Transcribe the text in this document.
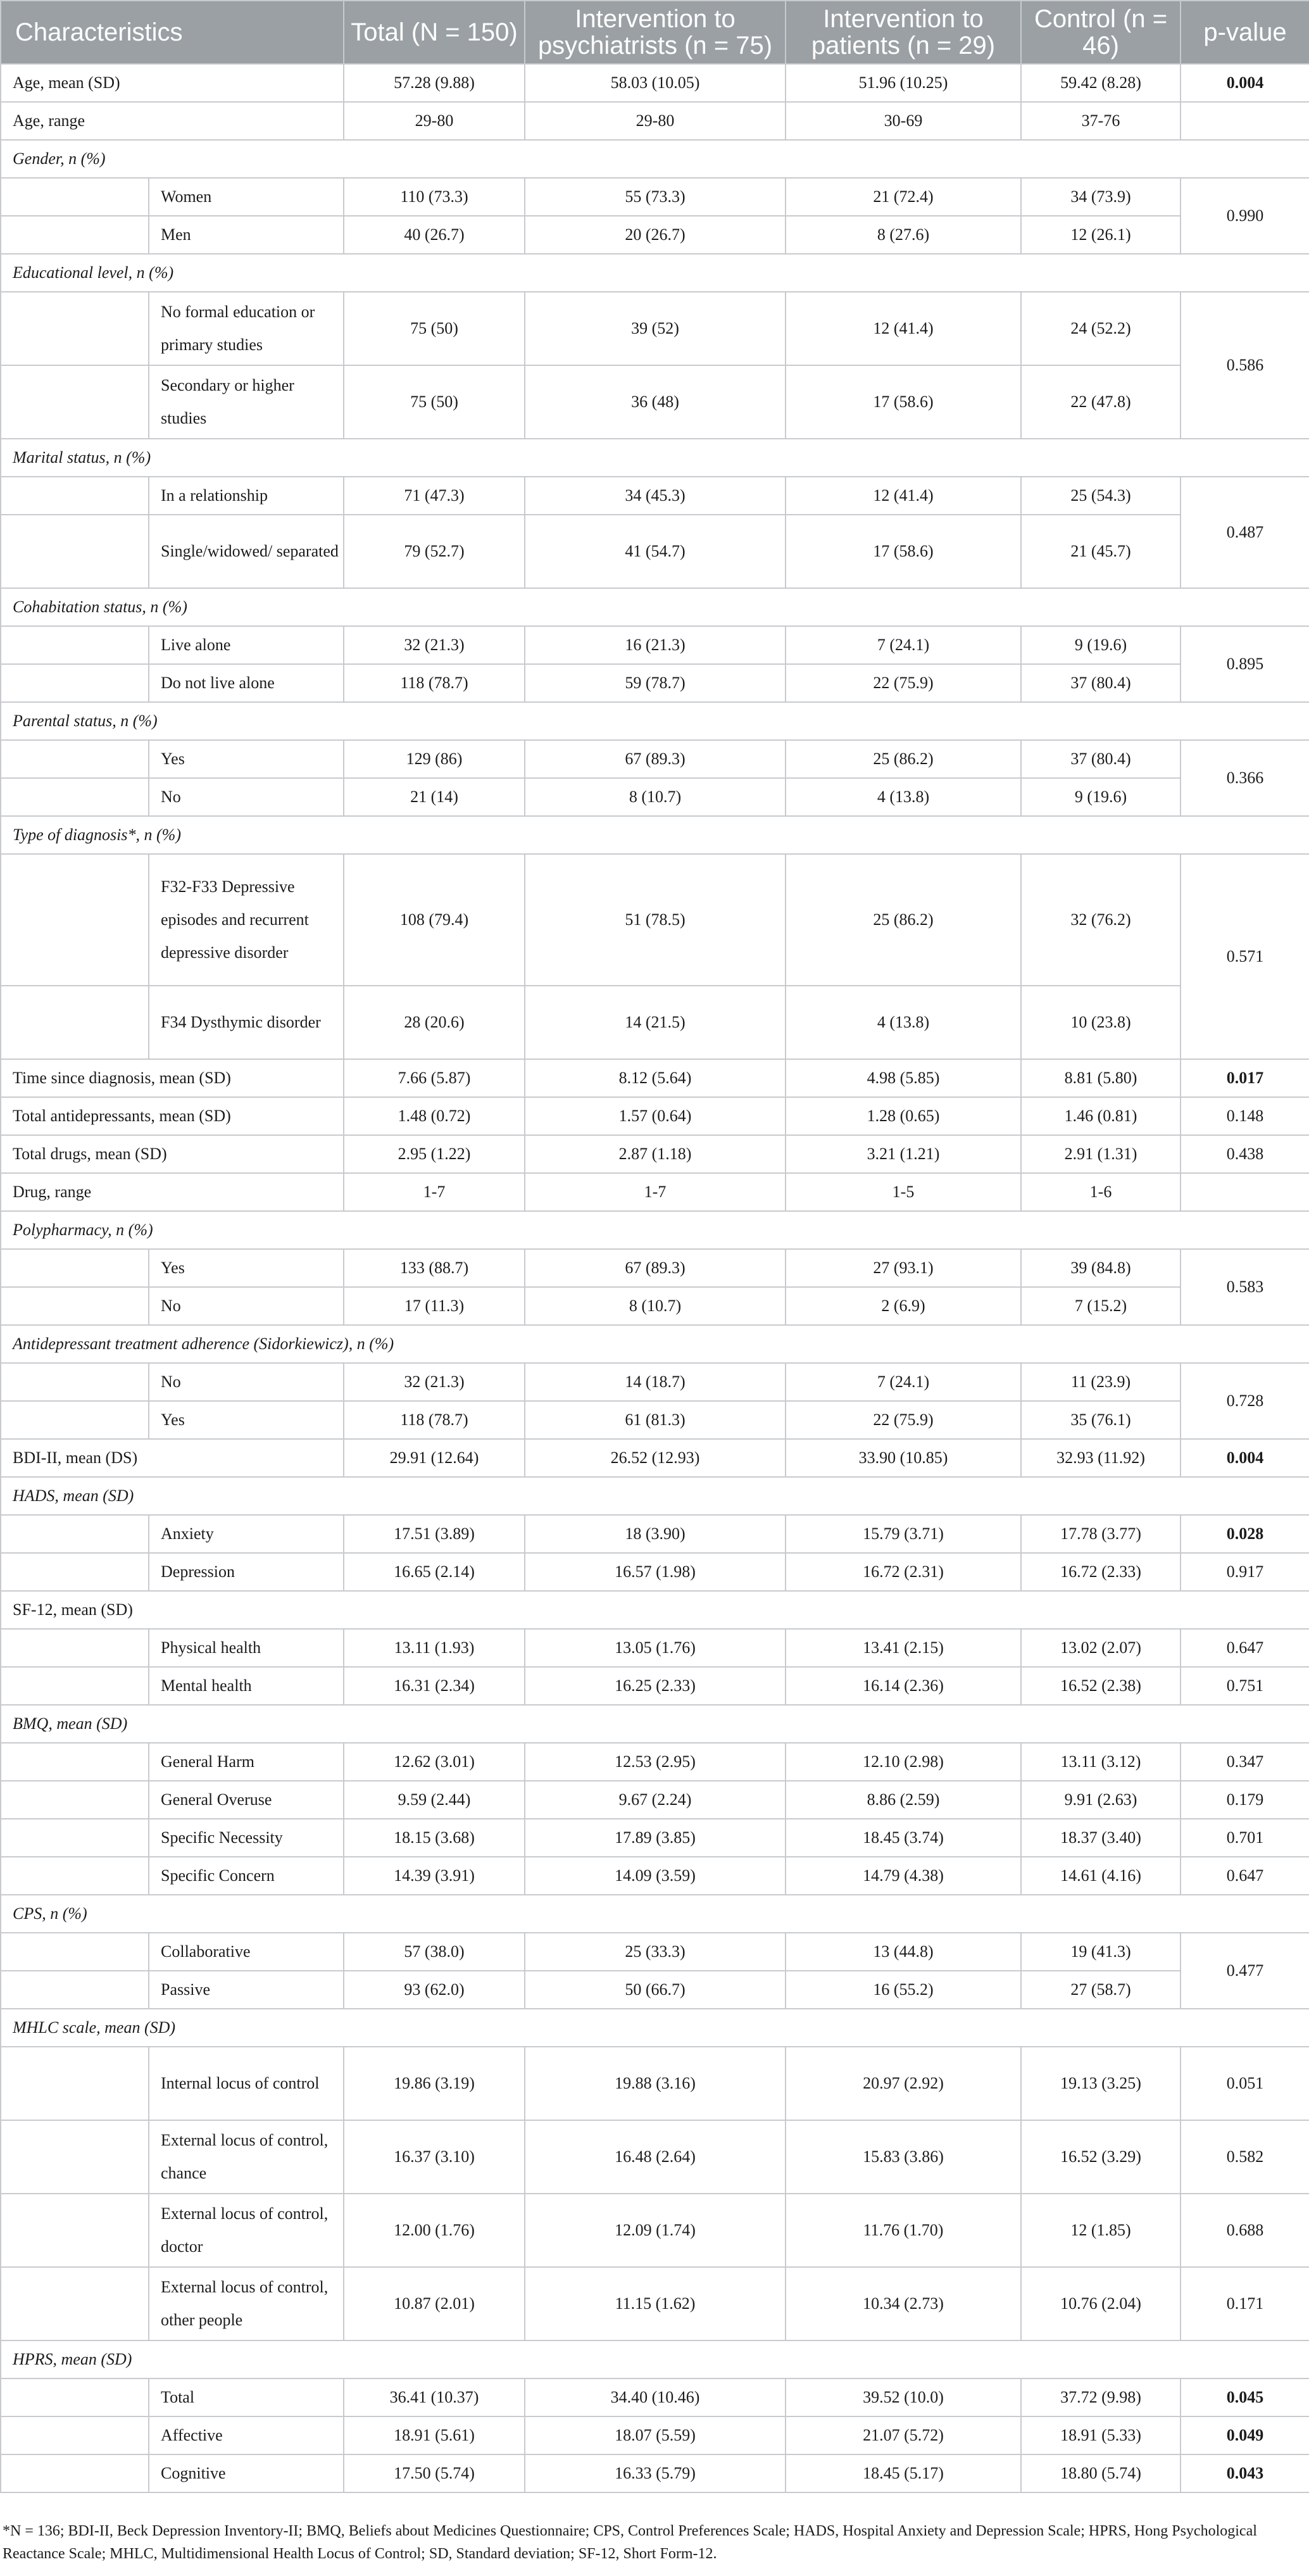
Characteristics		Total (N = 150)	Intervention to psychiatrists (n = 75)	Intervention to patients (n = 29)	Control (n = 46)	p-value
Age, mean (SD)		57.28 (9.88)	58.03 (10.05)	51.96 (10.25)	59.42 (8.28)	0.004
Age, range		29-80	29-80	30-69	37-76	
Gender, n (%)						
	Women	110 (73.3)	55 (73.3)	21 (72.4)	34 (73.9)	0.990
	Men	40 (26.7)	20 (26.7)	8 (27.6)	12 (26.1)	
Educational level, n (%)						
	No formal education or primary studies	75 (50)	39 (52)	12 (41.4)	24 (52.2)	0.586
	Secondary or higher studies	75 (50)	36 (48)	17 (58.6)	22 (47.8)	
Marital status, n (%)						
	In a relationship	71 (47.3)	34 (45.3)	12 (41.4)	25 (54.3)	0.487
	Single/widowed/ separated	79 (52.7)	41 (54.7)	17 (58.6)	21 (45.7)	
Cohabitation status, n (%)						
	Live alone	32 (21.3)	16 (21.3)	7 (24.1)	9 (19.6)	0.895
	Do not live alone	118 (78.7)	59 (78.7)	22 (75.9)	37 (80.4)	
Parental status, n (%)						
	Yes	129 (86)	67 (89.3)	25 (86.2)	37 (80.4)	0.366
	No	21 (14)	8 (10.7)	4 (13.8)	9 (19.6)	
Type of diagnosis*, n (%)						
	F32-F33 Depressive episodes and recurrent depressive disorder	108 (79.4)	51 (78.5)	25 (86.2)	32 (76.2)	0.571
	F34 Dysthymic disorder	28 (20.6)	14 (21.5)	4 (13.8)	10 (23.8)	
Time since diagnosis, mean (SD)		7.66 (5.87)	8.12 (5.64)	4.98 (5.85)	8.81 (5.80)	0.017
Total antidepressants, mean (SD)		1.48 (0.72)	1.57 (0.64)	1.28 (0.65)	1.46 (0.81)	0.148
Total drugs, mean (SD)		2.95 (1.22)	2.87 (1.18)	3.21 (1.21)	2.91 (1.31)	0.438
Drug, range		1-7	1-7	1-5	1-6	
Polypharmacy, n (%)						
	Yes	133 (88.7)	67 (89.3)	27 (93.1)	39 (84.8)	0.583
	No	17 (11.3)	8 (10.7)	2 (6.9)	7 (15.2)	
Antidepressant treatment adherence (Sidorkiewicz), n (%)						
	No	32 (21.3)	14 (18.7)	7 (24.1)	11 (23.9)	0.728
	Yes	118 (78.7)	61 (81.3)	22 (75.9)	35 (76.1)	
BDI-II, mean (DS)		29.91 (12.64)	26.52 (12.93)	33.90 (10.85)	32.93 (11.92)	0.004
HADS, mean (SD)						
	Anxiety	17.51 (3.89)	18 (3.90)	15.79 (3.71)	17.78 (3.77)	0.028
	Depression	16.65 (2.14)	16.57 (1.98)	16.72 (2.31)	16.72 (2.33)	0.917
SF-12, mean (SD)						
	Physical health	13.11 (1.93)	13.05 (1.76)	13.41 (2.15)	13.02 (2.07)	0.647
	Mental health	16.31 (2.34)	16.25 (2.33)	16.14 (2.36)	16.52 (2.38)	0.751
BMQ, mean (SD)						
	General Harm	12.62 (3.01)	12.53 (2.95)	12.10 (2.98)	13.11 (3.12)	0.347
	General Overuse	9.59 (2.44)	9.67 (2.24)	8.86 (2.59)	9.91 (2.63)	0.179
	Specific Necessity	18.15 (3.68)	17.89 (3.85)	18.45 (3.74)	18.37 (3.40)	0.701
	Specific Concern	14.39 (3.91)	14.09 (3.59)	14.79 (4.38)	14.61 (4.16)	0.647
CPS, n (%)						
	Collaborative	57 (38.0)	25 (33.3)	13 (44.8)	19 (41.3)	0.477
	Passive	93 (62.0)	50 (66.7)	16 (55.2)	27 (58.7)	
MHLC scale, mean (SD)						
	Internal locus of control	19.86 (3.19)	19.88 (3.16)	20.97 (2.92)	19.13 (3.25)	0.051
	External locus of control, chance	16.37 (3.10)	16.48 (2.64)	15.83 (3.86)	16.52 (3.29)	0.582
	External locus of control, doctor	12.00 (1.76)	12.09 (1.74)	11.76 (1.70)	12 (1.85)	0.688
	External locus of control, other people	10.87 (2.01)	11.15 (1.62)	10.34 (2.73)	10.76 (2.04)	0.171
HPRS, mean (SD)						
	Total	36.41 (10.37)	34.40 (10.46)	39.52 (10.0)	37.72 (9.98)	0.045
	Affective	18.91 (5.61)	18.07 (5.59)	21.07 (5.72)	18.91 (5.33)	0.049
	Cognitive	17.50 (5.74)	16.33 (5.79)	18.45 (5.17)	18.80 (5.74)	0.043
*N = 136; BDI-II, Beck Depression Inventory-II; BMQ, Beliefs about Medicines Questionnaire; CPS, Control Preferences Scale; HADS, Hospital Anxiety and Depression Scale; HPRS, Hong Psychological Reactance Scale; MHLC, Multidimensional Health Locus of Control; SD, Standard deviation; SF-12, Short Form-12.
